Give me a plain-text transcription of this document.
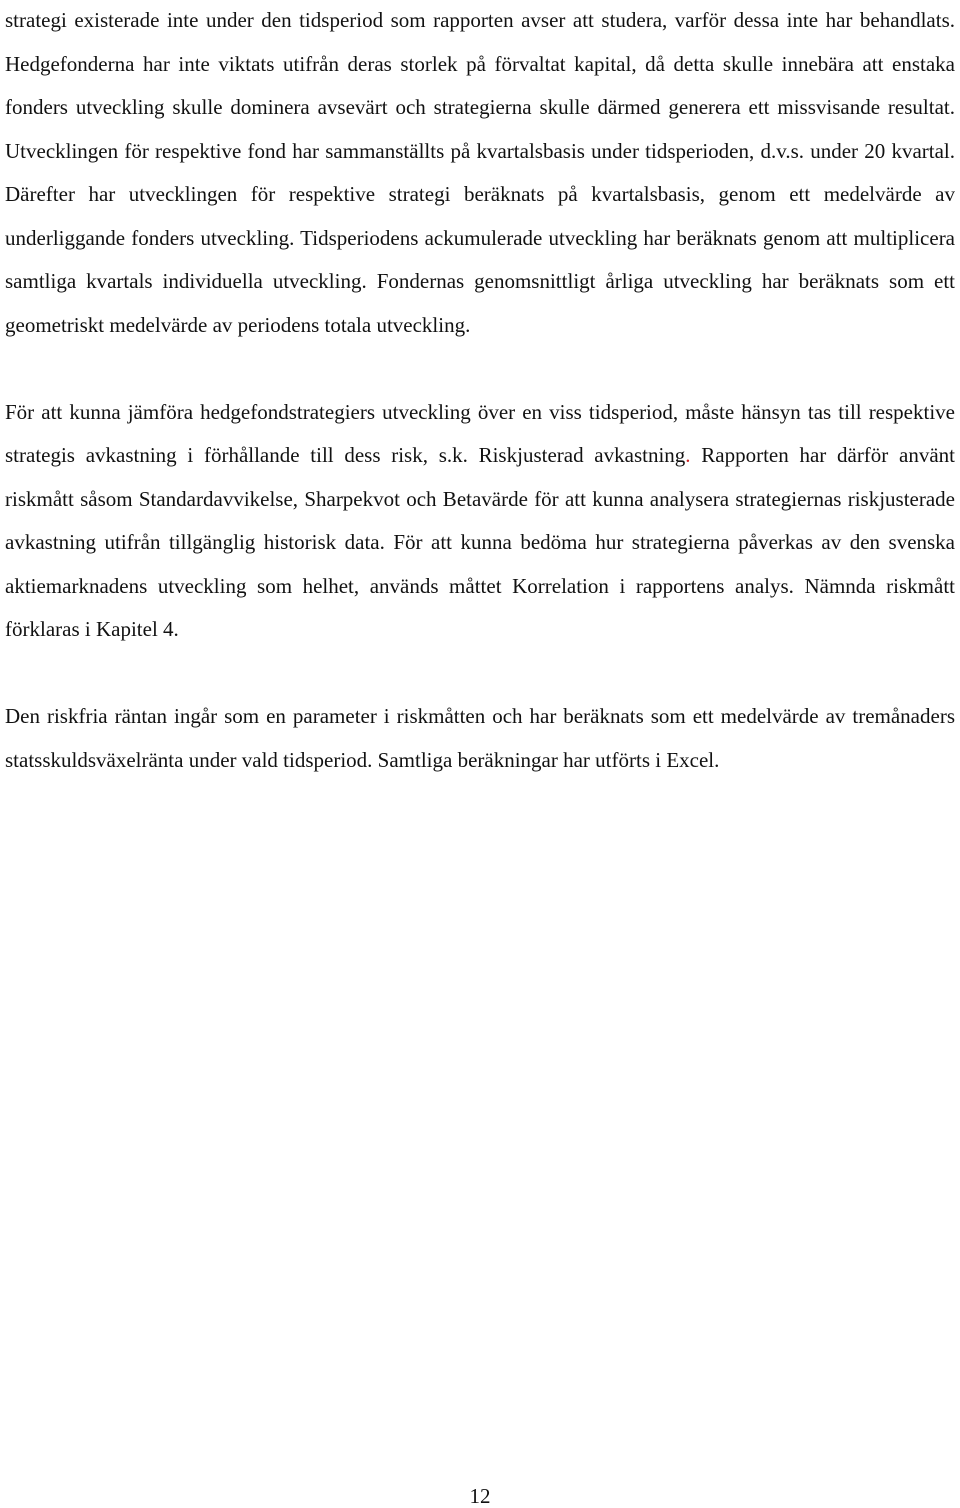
strategi existerade inte under den tidsperiod som rapporten avser att studera, varför dessa inte har behandlats. Hedgefonderna har inte viktats utifrån deras storlek på förvaltat kapital, då detta skulle innebära att enstaka fonders utveckling skulle dominera avsevärt och strategierna skulle därmed generera ett missvisande resultat. Utvecklingen för respektive fond har sammanställts på kvartalsbasis under tidsperioden, d.v.s. under 20 kvartal. Därefter har utvecklingen för respektive strategi beräknats på kvartalsbasis, genom ett medelvärde av underliggande fonders utveckling. Tidsperiodens ackumulerade utveckling har beräknats genom att multiplicera samtliga kvartals individuella utveckling. Fondernas genomsnittligt årliga utveckling har beräknats som ett geometriskt medelvärde av periodens totala utveckling.

För att kunna jämföra hedgefondstrategiers utveckling över en viss tidsperiod, måste hänsyn tas till respektive strategis avkastning i förhållande till dess risk, s.k. Riskjusterad avkastning. Rapporten har därför använt riskmått såsom Standardavvikelse, Sharpekvot och Betavärde för att kunna analysera strategiernas riskjusterade avkastning utifrån tillgänglig historisk data. För att kunna bedöma hur strategierna påverkas av den svenska aktiemarknadens utveckling som helhet, används måttet Korrelation i rapportens analys. Nämnda riskmått förklaras i Kapitel 4.

Den riskfria räntan ingår som en parameter i riskmåtten och har beräknats som ett medelvärde av tremånaders statsskuldsväxelränta under vald tidsperiod. Samtliga beräkningar har utförts i Excel.

12
